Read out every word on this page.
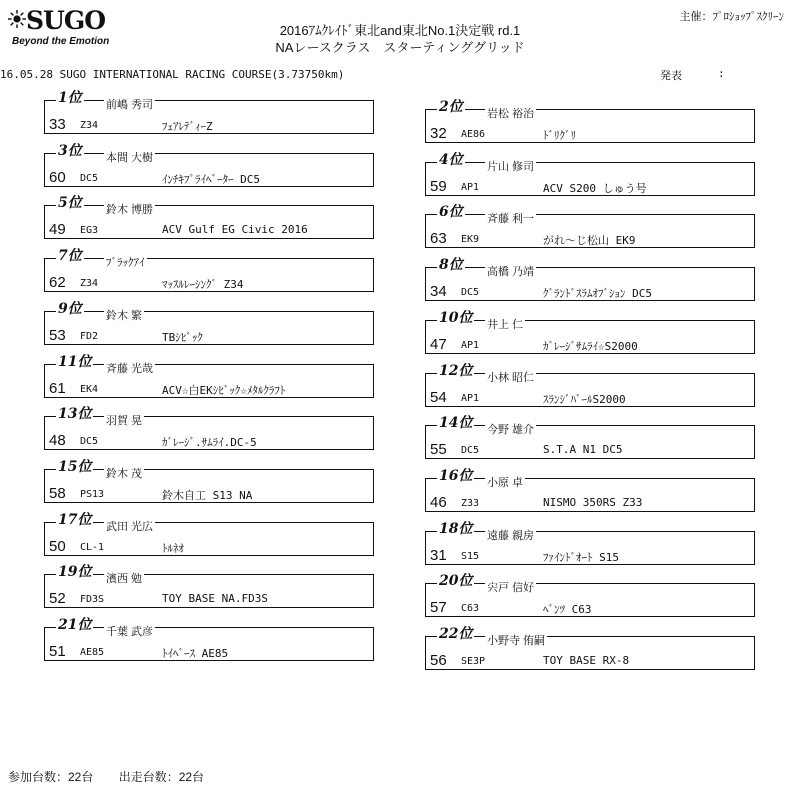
SUGO
Beyond the Emotion
2016ｱﾑｸﾚｲﾄﾞ東北and東北No.1決定戦 rd.1
NAレースクラス　スターティンググリッド
主催：ﾌﾟﾛｼｮｯﾌﾟｽｸﾘｰﾝ
16.05.28 SUGO INTERNATIONAL RACING COURSE(3.73750km)	発表	:
1位 前嶋 秀司
33 Z34	ﾌｪｱﾚﾃﾞｨｰZ
2位 岩松 裕治
32 AE86	ﾄﾞﾘｸﾞﾘ
3位 本間 大樹
60 DC5	ｲﾝﾁｷﾌﾟﾗｲﾍﾞｰﾀｰ DC5
4位 片山 修司
59 AP1	ACV S200 しゅう号
5位 鈴木 博勝
49 EG3	ACV Gulf EG Civic 2016
6位 斉藤 利一
63 EK9	がれ～じ松山 EK9
7位 ﾌﾞﾗｯｸｱｲ
62 Z34	ﾏｯｽﾙﾚｰｼﾝｸﾞ Z34
8位 高橋 乃靖
34 DC5	ｸﾞﾗﾝﾄﾞｽﾗﾑｵﾌﾞｼｮﾝ DC5
9位 鈴木 繁
53 FD2	TBｼﾋﾞｯｸ
10位 井上 仁
47 AP1	ｶﾞﾚｰｼﾞｻﾑﾗｲ☆S2000
11位 斉藤 光哉
61 EK4	ACV☆白EKｼﾋﾞｯｸ☆ﾒﾀﾙｸﾗﾌﾄ
12位 小林 昭仁
54 AP1	ｽﾗﾝｼﾞﾊﾞｰﾙS2000
13位 羽賀 晃
48 DC5	ｶﾞﾚｰｼﾞ.ｻﾑﾗｲ.DC-5
14位 今野 雄介
55 DC5	S.T.A N1 DC5
15位 鈴木 茂
58 PS13	鈴木自工 S13 NA
16位 小原 卓
46 Z33	NISMO 350RS Z33
17位 武田 光広
50 CL-1	ﾄﾙﾈｵ
18位 遠藤 親房
31 S15	ﾌｧｲﾝﾄﾞｵｰﾄ S15
19位 濱西 勉
52 FD3S	TOY BASE NA.FD3S
20位 宍戸 信好
57 C63	ﾍﾞﾝﾂ C63
21位 千葉 武彦
51 AE85	ﾄｲﾍﾞｰｽ AE85
22位 小野寺 侑嗣
56 SE3P	TOY BASE RX-8
参加台数：22台 出走台数：22台
